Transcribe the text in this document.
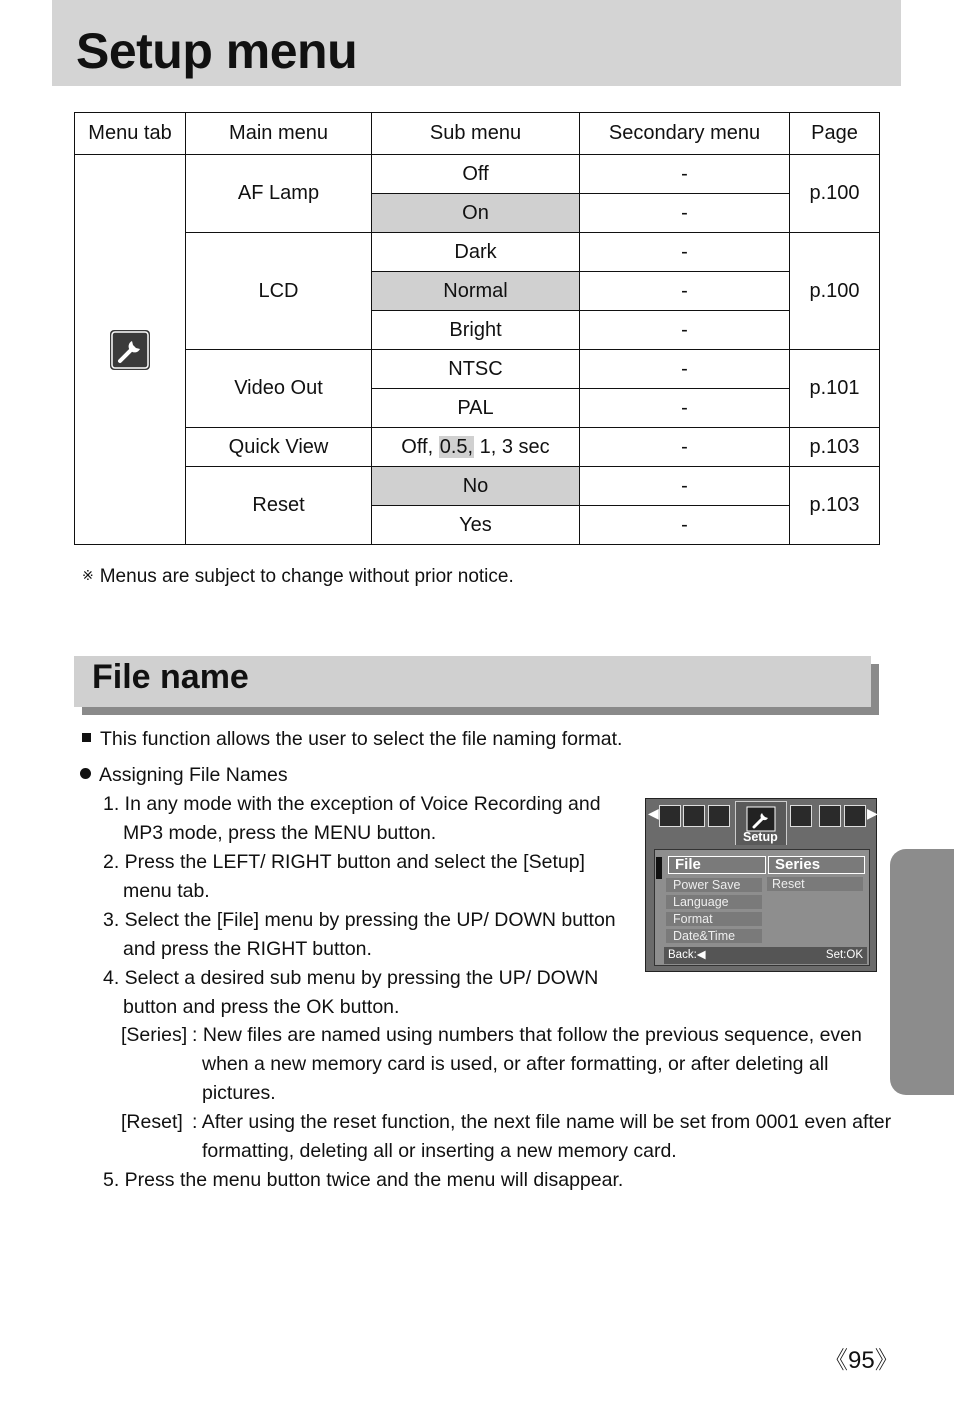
Setup menu
Menu tab	Main menu	Sub menu	Secondary menu	Page
	AF Lamp	Off	-	p.100
		On	-	
	LCD	Dark	-	p.100
		Normal	-	
		Bright	-	
	Video Out	NTSC	-	p.101
		PAL	-	
	Quick View	Off, 0.5, 1, 3 sec	-	p.103
	Reset	No	-	p.103
		Yes	-	
※ Menus are subject to change without prior notice.
File name
This function allows the user to select the file naming format.
Assigning File Names
1. In any mode with the exception of Voice Recording and
MP3 mode, press the MENU button.
2. Press the LEFT/ RIGHT button and select the [Setup]
menu tab.
3. Select the [File] menu by pressing the UP/ DOWN button
and press the RIGHT button.
4. Select a desired sub menu by pressing the UP/ DOWN
button and press the OK button.
[Series] : New files are named using numbers that follow the previous sequence, even
when a new memory card is used, or after formatting, or after deleting all
pictures.
[Reset] : After using the reset function, the next file name will be set from 0001 even after
formatting, deleting all or inserting a new memory card.
5. Press the menu button twice and the menu will disappear.
◀
Setup
▶
File	Series
Power Save
Language
Format
Date&Time
Reset
Back:◀	Set:OK
《95》
